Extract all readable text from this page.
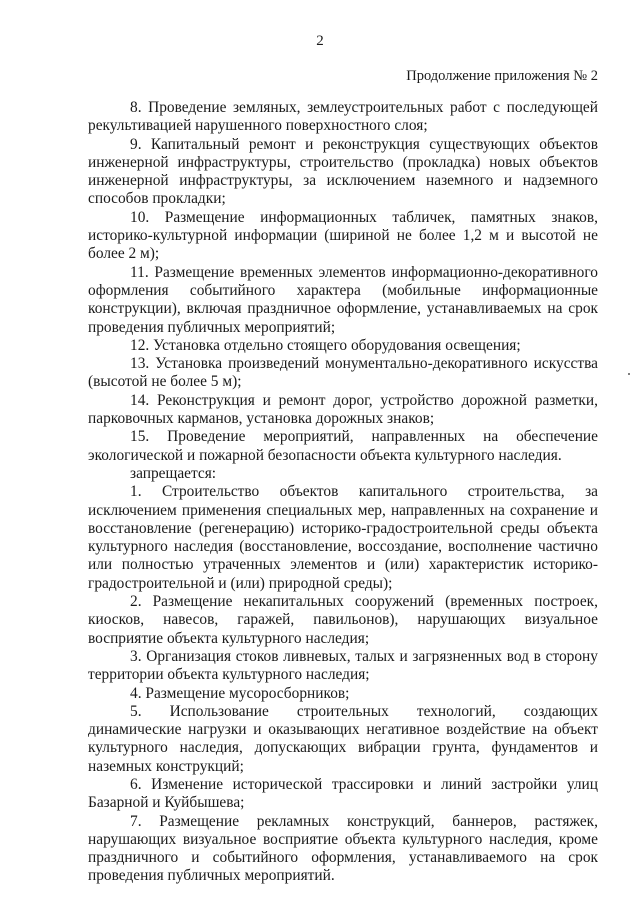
2
Продолжение приложения № 2

8. Проведение земляных, землеустроительных работ с последующей рекультивацией нарушенного поверхностного слоя;

9. Капитальный ремонт и реконструкция существующих объектов инженерной инфраструктуры, строительство (прокладка) новых объектов инженерной инфраструктуры, за исключением наземного и надземного способов прокладки;

10. Размещение информационных табличек, памятных знаков, историко-культурной информации (шириной не более 1,2 м и высотой не более 2 м);

11. Размещение временных элементов информационно-декоративного оформления событийного характера (мобильные информационные конструкции), включая праздничное оформление, устанавливаемых на срок проведения публичных мероприятий;

12. Установка отдельно стоящего оборудования освещения;

13. Установка произведений монументально-декоративного искусства (высотой не более 5 м);

14. Реконструкция и ремонт дорог, устройство дорожной разметки, парковочных карманов, установка дорожных знаков;

15. Проведение мероприятий, направленных на обеспечение экологической и пожарной безопасности объекта культурного наследия.

запрещается:

1. Строительство объектов капитального строительства, за исключением применения специальных мер, направленных на сохранение и восстановление (регенерацию) историко-градостроительной среды объекта культурного наследия (восстановление, воссоздание, восполнение частично или полностью утраченных элементов и (или) характеристик историко-градостроительной и (или) природной среды);

2. Размещение некапитальных сооружений (временных построек, киосков, навесов, гаражей, павильонов), нарушающих визуальное восприятие объекта культурного наследия;

3. Организация стоков ливневых, талых и загрязненных вод в сторону территории объекта культурного наследия;

4. Размещение мусоросборников;

5. Использование строительных технологий, создающих динамические нагрузки и оказывающих негативное воздействие на объект культурного наследия, допускающих вибрации грунта, фундаментов и наземных конструкций;

6. Изменение исторической трассировки и линий застройки улиц Базарной и Куйбышева;

7. Размещение рекламных конструкций, баннеров, растяжек, нарушающих визуальное восприятие объекта культурного наследия, кроме праздничного и событийного оформления, устанавливаемого на срок проведения публичных мероприятий.
